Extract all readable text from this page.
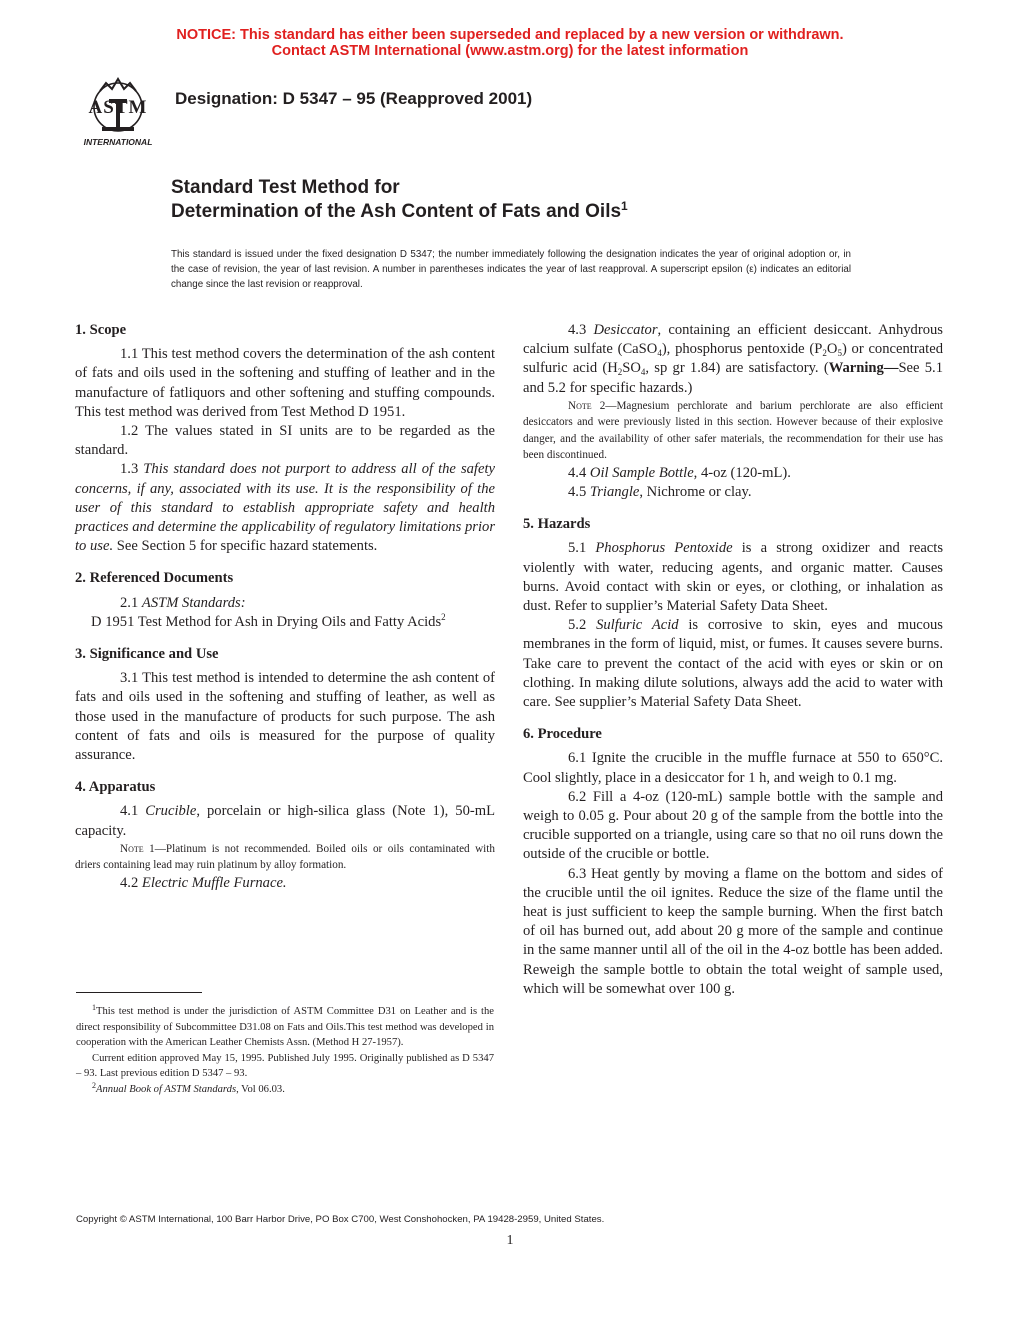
NOTICE: This standard has either been superseded and replaced by a new version or withdrawn.
Contact ASTM International (www.astm.org) for the latest information
ASTM
INTERNATIONAL
Designation: D 5347 – 95 (Reapproved 2001)
Standard Test Method for
Determination of the Ash Content of Fats and Oils$^1$
This standard is issued under the fixed designation D 5347; the number immediately following the designation indicates the year of original adoption or, in the case of revision, the year of last revision. A number in parentheses indicates the year of last reapproval. A superscript epsilon (ε) indicates an editorial change since the last revision or reapproval.
1. Scope

1.1 This test method covers the determination of the ash content of fats and oils used in the softening and stuffing of leather and in the manufacture of fatliquors and other softening and stuffing compounds. This test method was derived from Test Method D 1951.

1.2 The values stated in SI units are to be regarded as the standard.

1.3 This standard does not purport to address all of the safety concerns, if any, associated with its use. It is the responsibility of the user of this standard to establish appropriate safety and health practices and determine the applicability of regulatory limitations prior to use. See Section 5 for specific hazard statements.

2. Referenced Documents

2.1 ASTM Standards:

D 1951 Test Method for Ash in Drying Oils and Fatty Acids$^2$

3. Significance and Use

3.1 This test method is intended to determine the ash content of fats and oils used in the softening and stuffing of leather, as well as those used in the manufacture of products for such purpose. The ash content of fats and oils is measured for the purpose of quality assurance.

4. Apparatus

4.1 Crucible, porcelain or high-silica glass (Note 1), 50-mL capacity.

Note 1—Platinum is not recommended. Boiled oils or oils contaminated with driers containing lead may ruin platinum by alloy formation.

4.2 Electric Muffle Furnace.

$^1$This test method is under the jurisdiction of ASTM Committee D31 on Leather and is the direct responsibility of Subcommittee D31.08 on Fats and Oils.This test method was developed in cooperation with the American Leather Chemists Assn. (Method H 27-1957).

Current edition approved May 15, 1995. Published July 1995. Originally published as D 5347 – 93. Last previous edition D 5347 – 93.

$^2$Annual Book of ASTM Standards, Vol 06.03.

4.3 Desiccator, containing an efficient desiccant. Anhydrous calcium sulfate (CaSO$_4$), phosphorus pentoxide $(P_2O_5)$ or concentrated sulfuric acid ($H_2SO_4$, sp gr 1.84) are satisfactory. (Warning—See 5.1 and 5.2 for specific hazards.)

Note 2—Magnesium perchlorate and barium perchlorate are also efficient desiccators and were previously listed in this section. However because of their explosive danger, and the availability of other safer materials, the recommendation for their use has been discontinued.

4.4 Oil Sample Bottle, 4-oz (120-mL).

4.5 Triangle, Nichrome or clay.

5. Hazards

5.1 Phosphorus Pentoxide is a strong oxidizer and reacts violently with water, reducing agents, and organic matter. Causes burns. Avoid contact with skin or eyes, or clothing, or inhalation as dust. Refer to supplier’s Material Safety Data Sheet.

5.2 Sulfuric Acid is corrosive to skin, eyes and mucous membranes in the form of liquid, mist, or fumes. It causes severe burns. Take care to prevent the contact of the acid with eyes or skin or on clothing. In making dilute solutions, always add the acid to water with care. See supplier’s Material Safety Data Sheet.

6. Procedure

6.1 Ignite the crucible in the muffle furnace at 550 to 650°C. Cool slightly, place in a desiccator for 1 h, and weigh to 0.1 mg.

6.2 Fill a 4-oz (120-mL) sample bottle with the sample and weigh to 0.05 g. Pour about 20 g of the sample from the bottle into the crucible supported on a triangle, using care so that no oil runs down the outside of the crucible or bottle.

6.3 Heat gently by moving a flame on the bottom and sides of the crucible until the oil ignites. Reduce the size of the flame until the heat is just sufficient to keep the sample burning. When the first batch of oil has burned out, add about 20 g more of the sample and continue in the same manner until all of the oil in the 4-oz bottle has been added. Reweigh the sample bottle to obtain the total weight of sample used, which will be somewhat over 100 g.

Copyright © ASTM International, 100 Barr Harbor Drive, PO Box C700, West Conshohocken, PA 19428-2959, United States.
1
